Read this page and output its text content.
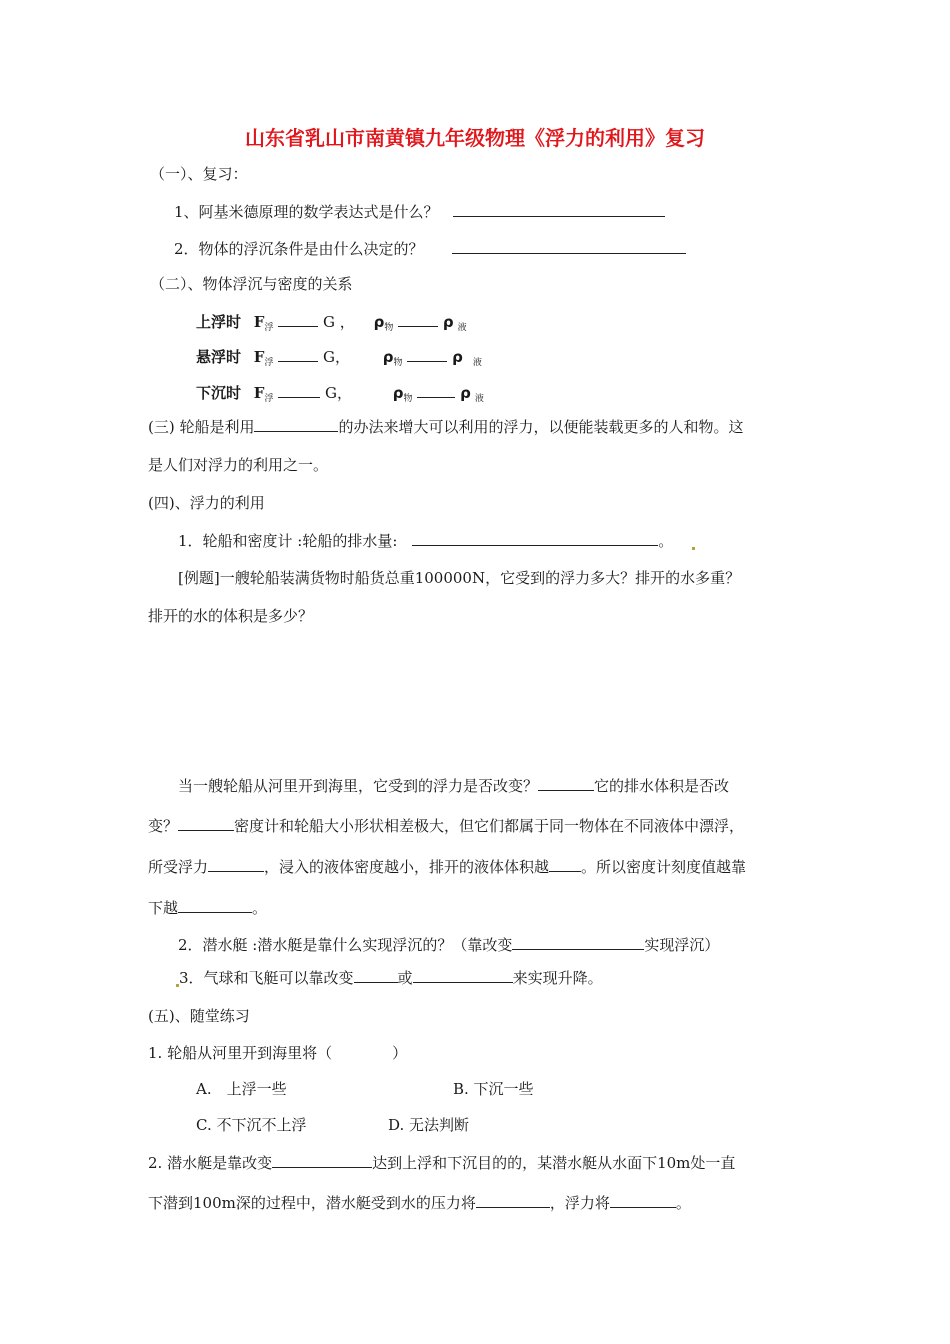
山东省乳山市南黄镇九年级物理《浮力的利用》复习
（一）、复习：
1、阿基米德原理的数学表达式是什么？
2．物体的浮沉条件是由什么决定的？
（二）、物体浮沉与密度的关系
上浮时 $F_浮$	G ， $\rho_物$	ρ $_液$
悬浮时 $F_浮$	G， $\rho_物$	ρ $_液$
下沉时 $F_浮$	G，	$\rho_物$	ρ $_液$
(三) 轮船是利用	的办法来增大可以利用的浮力，以便能装载更多的人和物。这
是人们对浮力的利用之一。
(四)、浮力的利用
1．轮船和密度计 :轮船的排水量:	。
[例题]一艘轮船装满货物时船货总重100000N，它受到的浮力多大？排开的水多重？
排开的水的体积是多少？
当一艘轮船从河里开到海里，它受到的浮力是否改变？	它的排水体积是否改
变？	密度计和轮船大小形状相差极大，但它们都属于同一物体在不同液体中漂浮，
所受浮力	，浸入的液体密度越小，排开的液体体积越 。所以密度计刻度值越靠
下越	。
2．潜水艇 :潜水艇是靠什么实现浮沉的？（靠改变	实现浮沉）
3．气球和飞艇可以靠改变	或	来实现升降。
(五)、随堂练习
1. 轮船从河里开到海里将（　　　　）
A.　上浮一些	B. 下沉一些
C. 不下沉不上浮	D. 无法判断
2. 潜水艇是靠改变	达到上浮和下沉目的的，某潜水艇从水面下10m处一直
下潜到100m深的过程中，潜水艇受到水的压力将	，浮力将	。
